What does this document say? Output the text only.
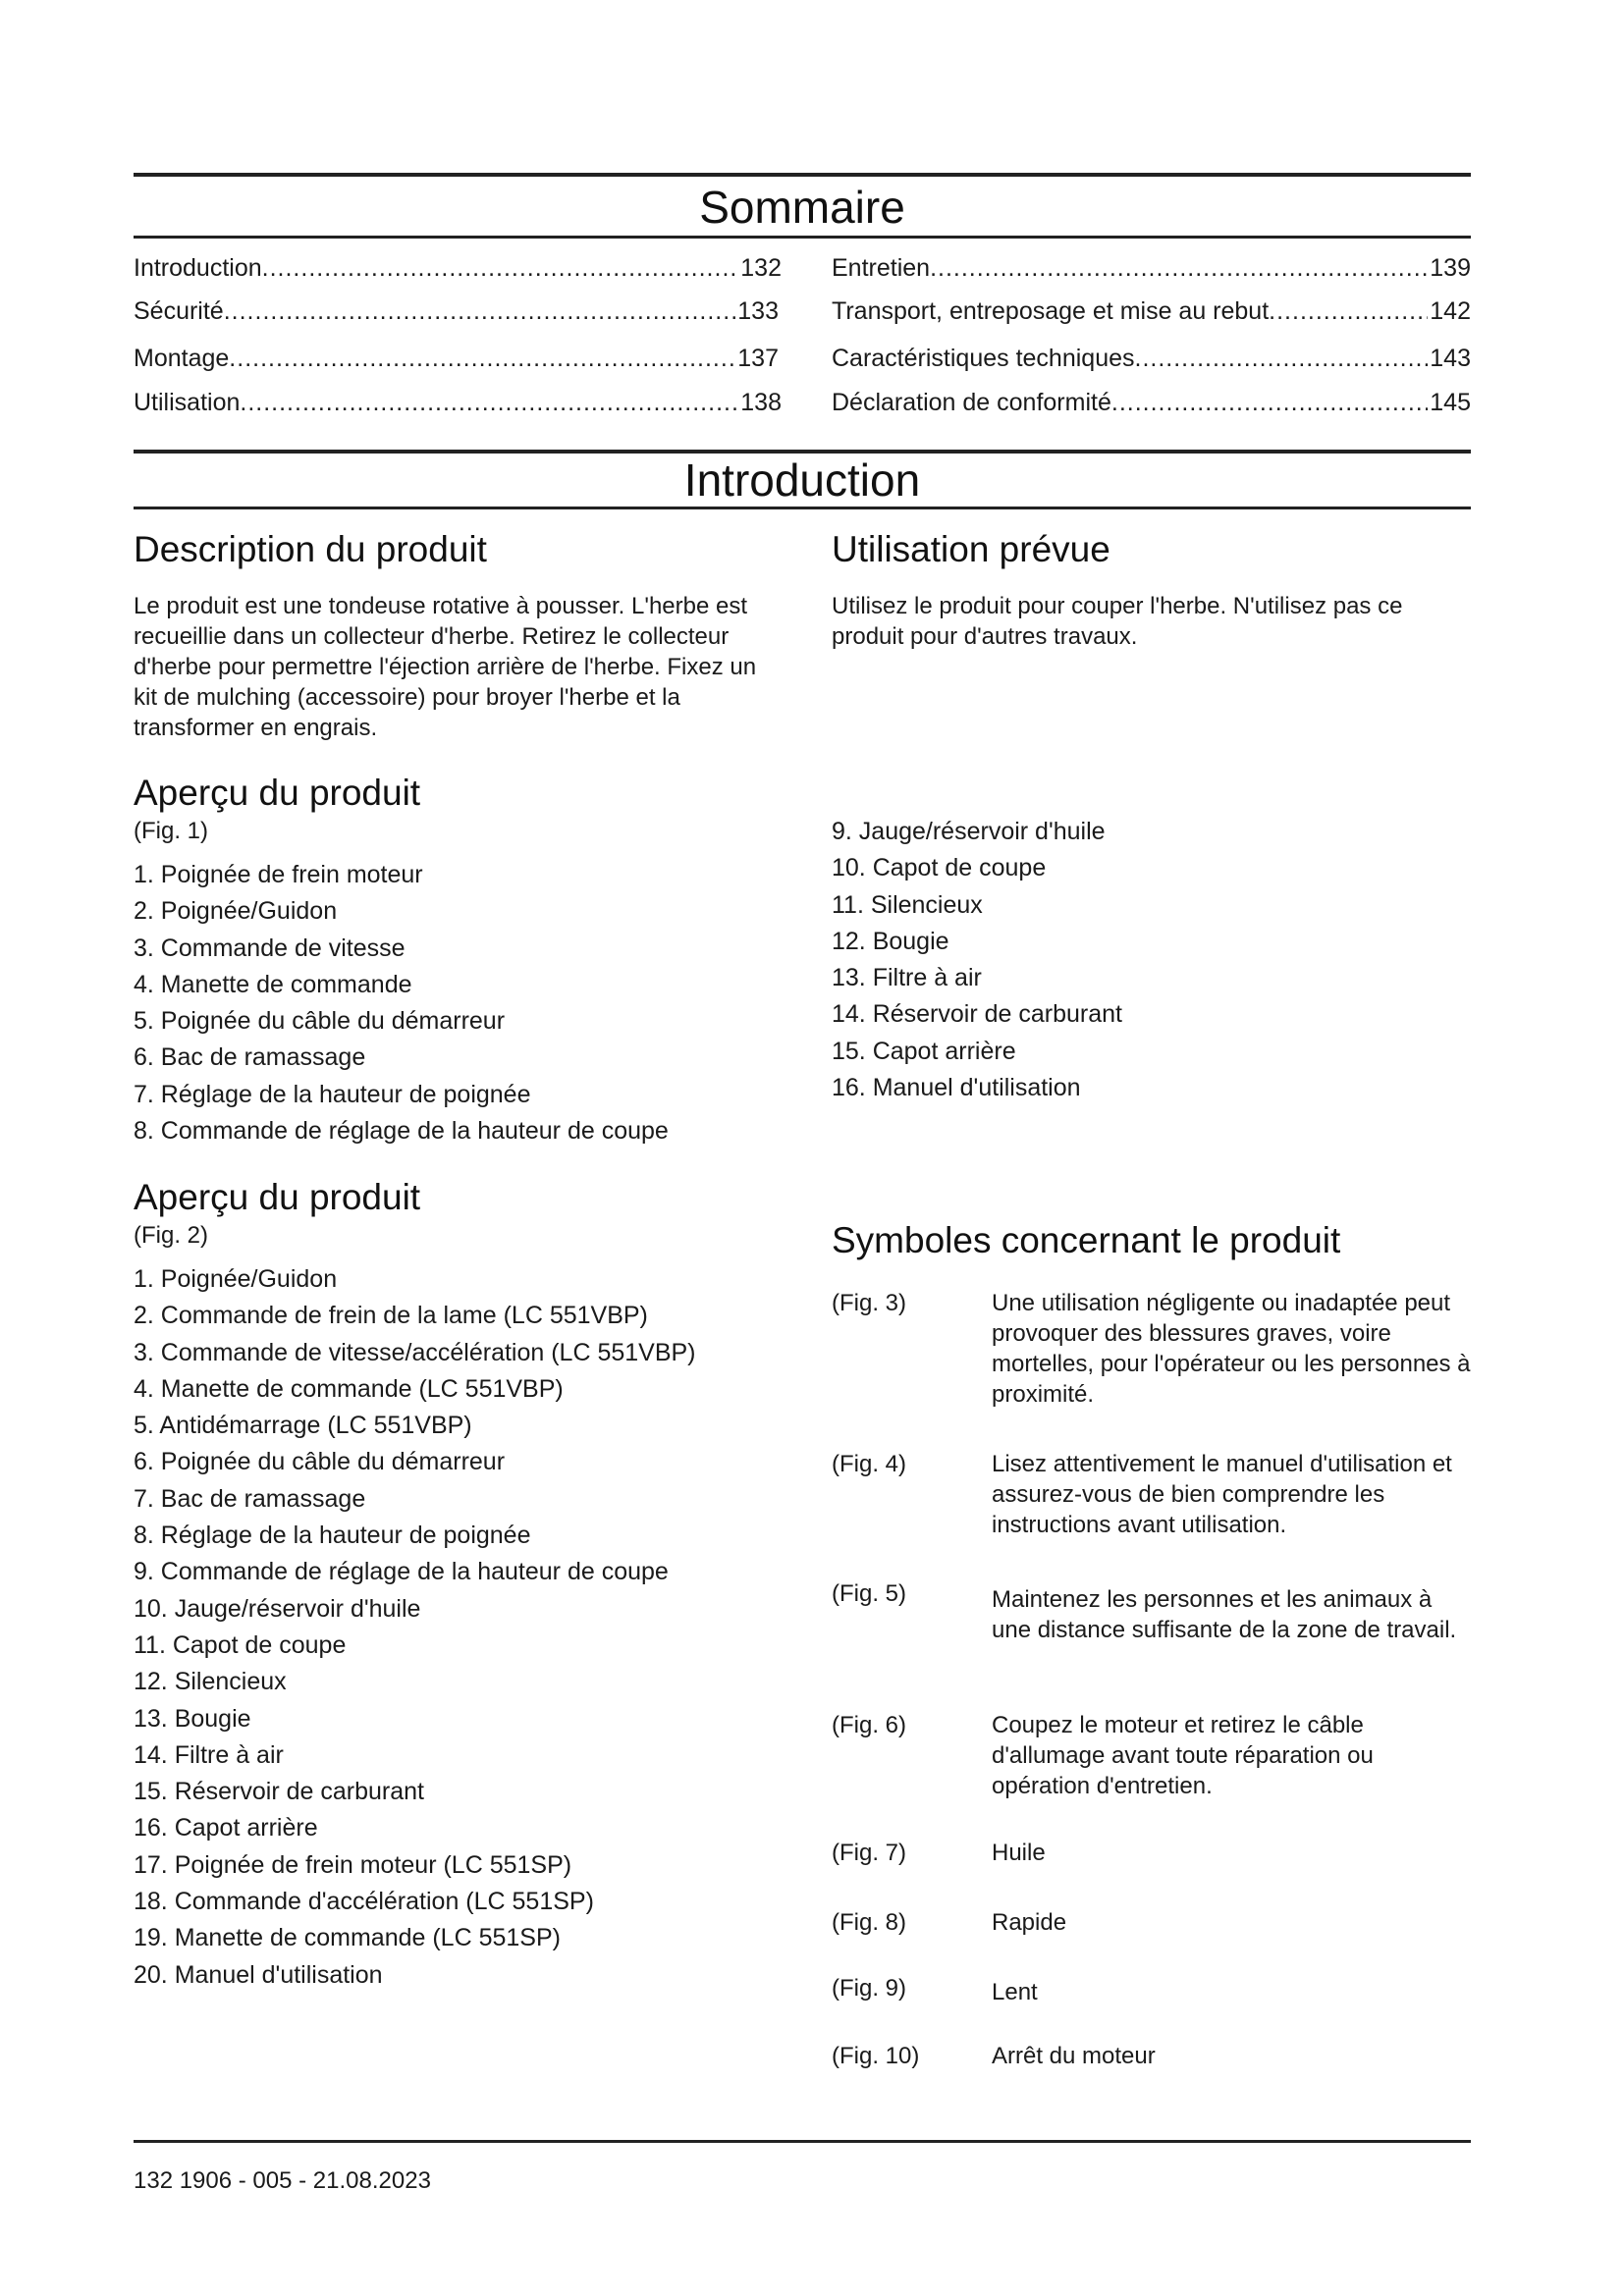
Sommaire
Introduction .....	132
Sécurité .....	133
Montage .....	137
Utilisation .....	138
Entretien .....	139
Transport, entreposage et mise au rebut .....	142
Caractéristiques techniques .....	143
Déclaration de conformité .....	145
Introduction
Description du produit
Le produit est une tondeuse rotative à pousser. L'herbe est recueillie dans un collecteur d'herbe. Retirez le collecteur d'herbe pour permettre l'éjection arrière de l'herbe. Fixez un kit de mulching (accessoire) pour broyer l'herbe et la transformer en engrais.
Utilisation prévue
Utilisez le produit pour couper l'herbe. N'utilisez pas ce produit pour d'autres travaux.
Aperçu du produit
(Fig. 1)
1. Poignée de frein moteur
2. Poignée/Guidon
3. Commande de vitesse
4. Manette de commande
5. Poignée du câble du démarreur
6. Bac de ramassage
7. Réglage de la hauteur de poignée
8. Commande de réglage de la hauteur de coupe
9. Jauge/réservoir d'huile
10. Capot de coupe
11. Silencieux
12. Bougie
13. Filtre à air
14. Réservoir de carburant
15. Capot arrière
16. Manuel d'utilisation
Aperçu du produit
(Fig. 2)
1. Poignée/Guidon
2. Commande de frein de la lame (LC 551VBP)
3. Commande de vitesse/accélération (LC 551VBP)
4. Manette de commande (LC 551VBP)
5. Antidémarrage (LC 551VBP)
6. Poignée du câble du démarreur
7. Bac de ramassage
8. Réglage de la hauteur de poignée
9. Commande de réglage de la hauteur de coupe
10. Jauge/réservoir d'huile
11. Capot de coupe
12. Silencieux
13. Bougie
14. Filtre à air
15. Réservoir de carburant
16. Capot arrière
17. Poignée de frein moteur (LC 551SP)
18. Commande d'accélération (LC 551SP)
19. Manette de commande (LC 551SP)
20. Manuel d'utilisation
Symboles concernant le produit
(Fig. 3)	Une utilisation négligente ou inadaptée peut provoquer des blessures graves, voire mortelles, pour l'opérateur ou les personnes à proximité.
(Fig. 4)	Lisez attentivement le manuel d'utilisation et assurez-vous de bien comprendre les instructions avant utilisation.
(Fig. 5)	Maintenez les personnes et les animaux à une distance suffisante de la zone de travail.
(Fig. 6)	Coupez le moteur et retirez le câble d'allumage avant toute réparation ou opération d'entretien.
(Fig. 7)	Huile
(Fig. 8)	Rapide
(Fig. 9)	Lent
(Fig. 10)	Arrêt du moteur
132 1906 - 005 - 21.08.2023
